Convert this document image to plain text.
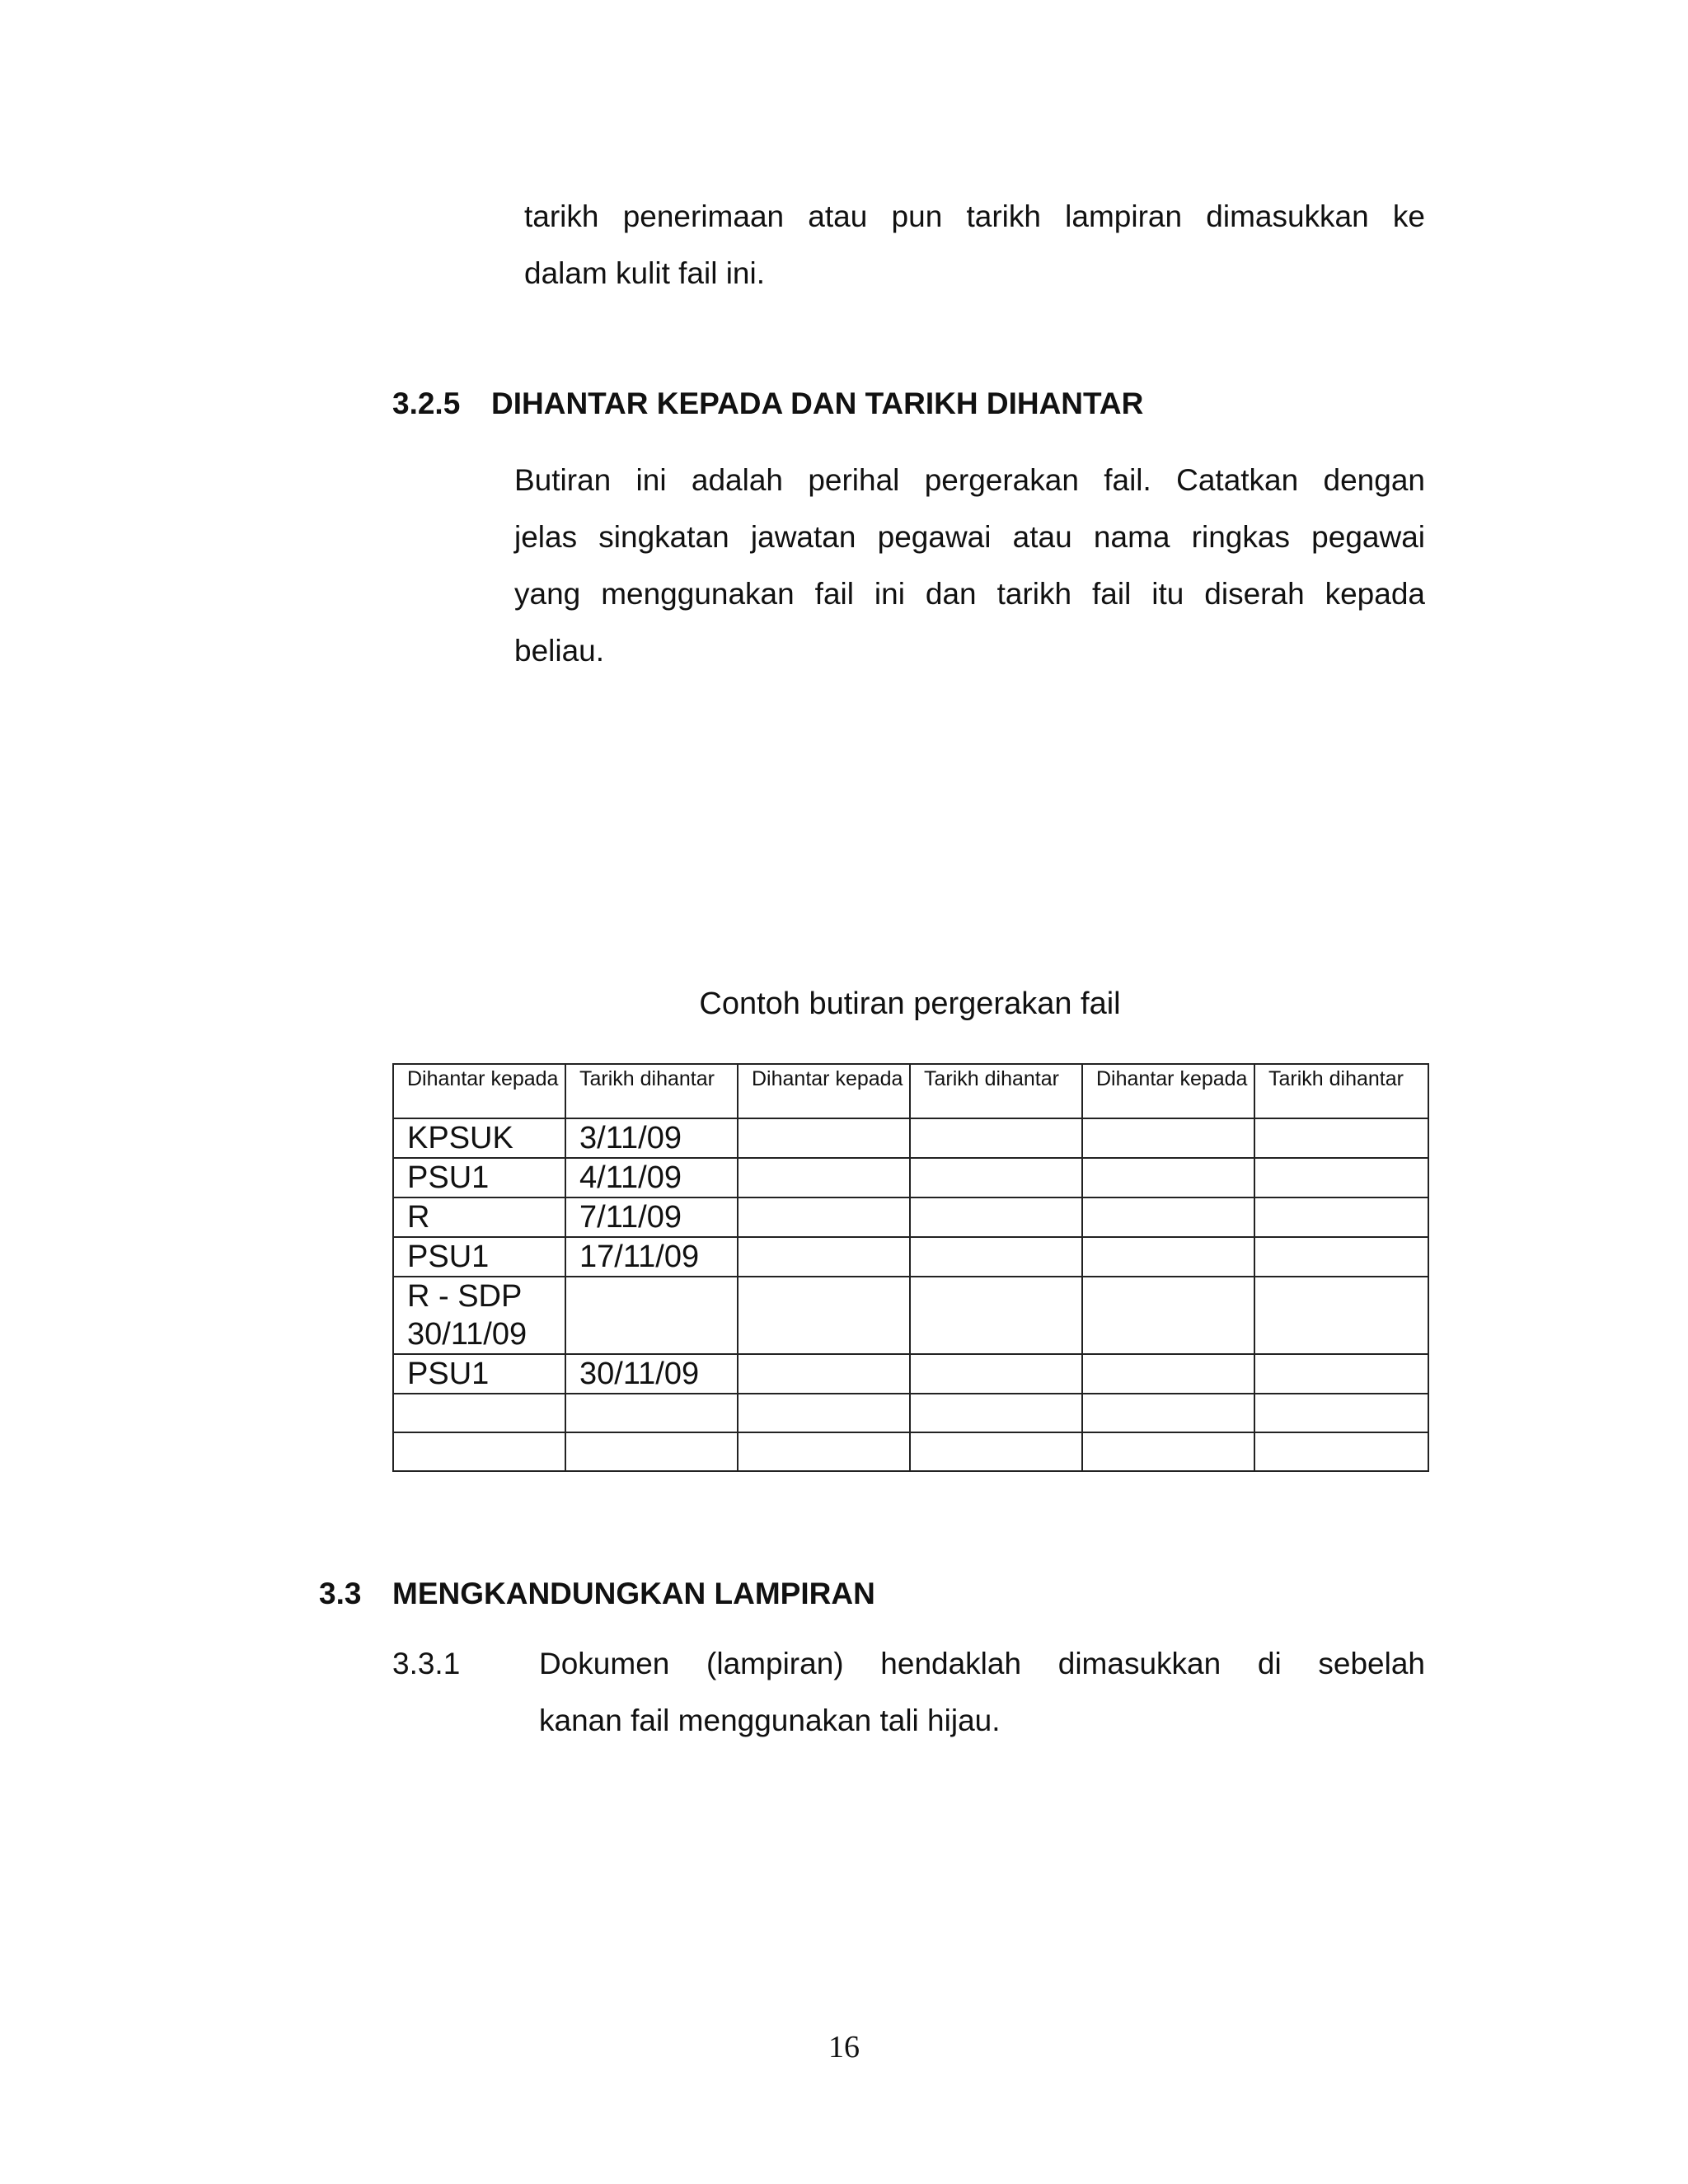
tarikh penerimaan atau pun tarikh lampiran dimasukkan ke
dalam kulit fail ini.
3.2.5 DIHANTAR KEPADA DAN TARIKH DIHANTAR
Butiran ini adalah perihal pergerakan fail. Catatkan dengan
jelas singkatan jawatan pegawai atau nama ringkas pegawai
yang menggunakan fail ini dan tarikh fail itu diserah kepada
beliau.
Contoh butiran pergerakan fail
Dihantar kepada	Tarikh dihantar	Dihantar kepada	Tarikh dihantar	Dihantar kepada	Tarikh dihantar
KPSUK	3/11/09				
PSU1	4/11/09				
R	7/11/09				
PSU1	17/11/09				
R - SDP 30/11/09					
PSU1	30/11/09				

3.3 MENGKANDUNGKAN LAMPIRAN
3.3.1	Dokumen (lampiran) hendaklah dimasukkan di sebelah
kanan fail menggunakan tali hijau.
16
